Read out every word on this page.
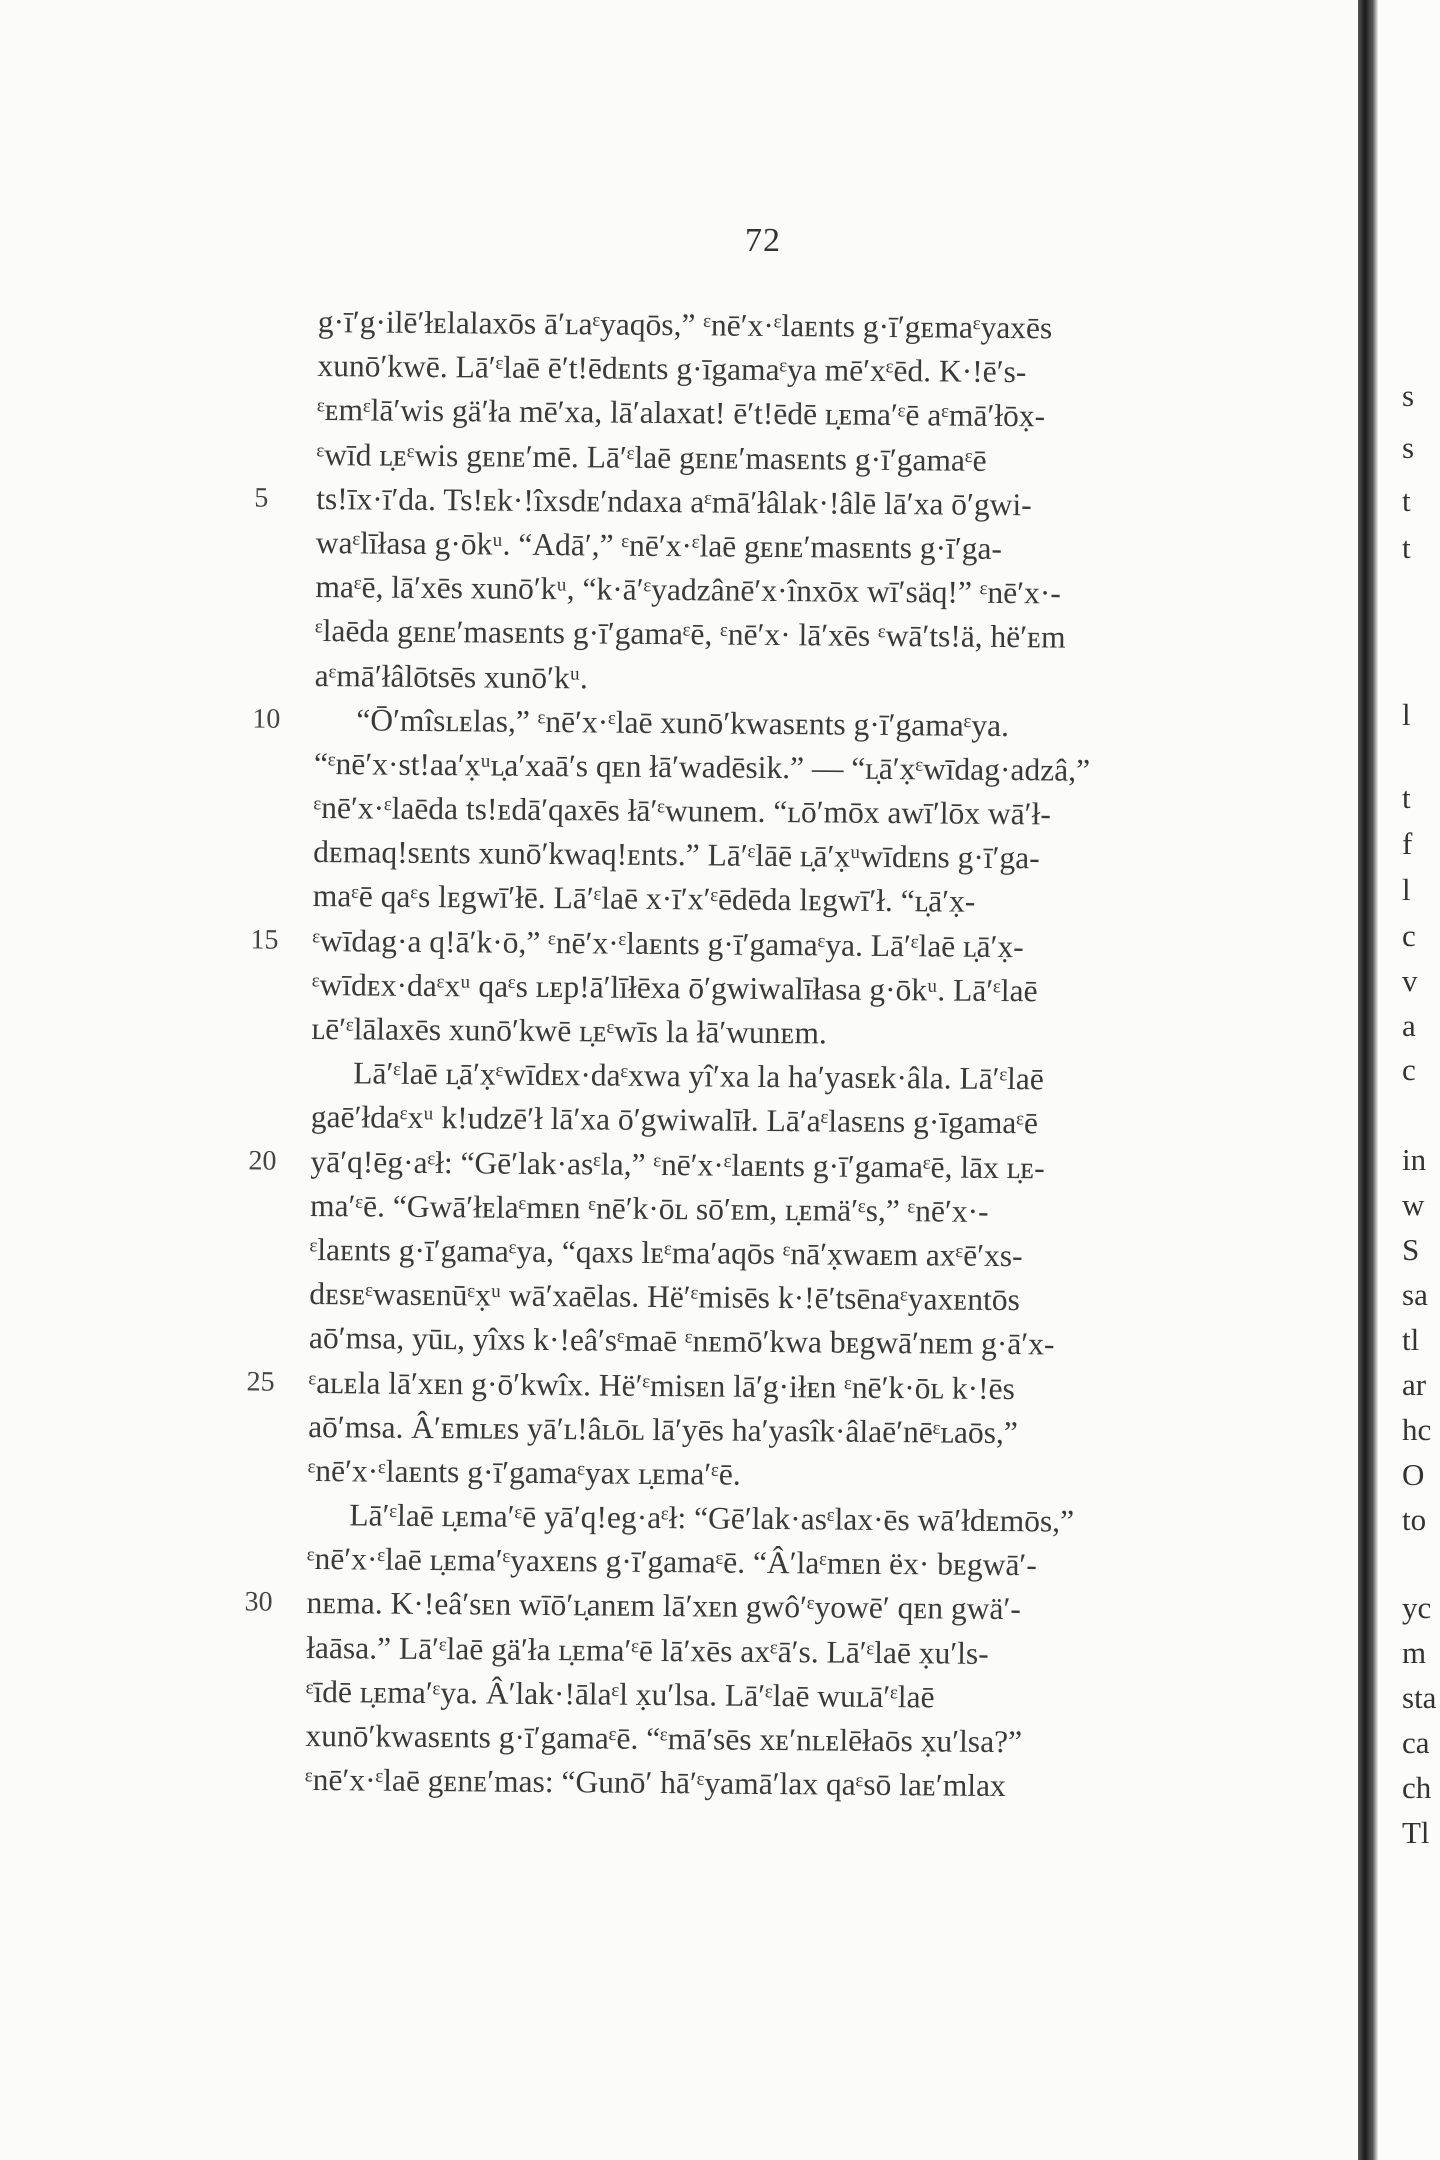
72
g·ī′g·ilē′łᴇlalaxōs ā′ʟaᵋyaqōs,” ᵋnē′x·ᵋlaᴇnts g·ī′gᴇmaᵋyaxēs
xunō′kwē. Lā′ᵋlaē ē′t!ēdᴇnts g·īgamaᵋya mē′xᵋēd. K·!ē′s-
ᵋᴇmᵋlā′wis gä′ła mē′xa, lā′alaxat! ē′t!ēdē ʟ̣ᴇma′ᵋē aᵋmā′łōx̣-
ᵋwīd ʟ̣ᴇᵋwis gᴇnᴇ′mē. Lā′ᵋlaē gᴇnᴇ′masᴇnts g·ī′gamaᵋē
5	ts!īx·ī′da. Ts!ᴇk·!îxsdᴇ′ndaxa aᵋmā′łâlak·!âlē lā′xa ō′gwi-
waᵋlīłasa g·ōkᵘ. “Adā′,” ᵋnē′x·ᵋlaē gᴇnᴇ′masᴇnts g·ī′ga-
maᵋē, lā′xēs xunō′kᵘ, “k·ā′ᵋyadzânē′x·înxōx wī′säq!” ᵋnē′x·-
ᵋlaēda gᴇnᴇ′masᴇnts g·ī′gamaᵋē, ᵋnē′x· lā′xēs ᵋwā′ts!ä, hë′ᴇm
aᵋmā′łâlōtsēs xunō′kᵘ.
10	“Ō′mîsʟᴇlas,” ᵋnē′x·ᵋlaē xunō′kwasᴇnts g·ī′gamaᵋya.
“ᵋnē′x·st!aa′x̣ᵘʟ̣a′xaā′s qᴇn łā′wadēsik.” — “ʟ̣ā′x̣ᵋwīdag·adzâ,”
ᵋnē′x·ᵋlaēda ts!ᴇdā′qaxēs łā′ᵋwunem. “ʟō′mōx awī′lōx wā′ł-
dᴇmaq!sᴇnts xunō′kwaq!ᴇnts.” Lā′ᵋlāē ʟ̣ā′x̣ᵘwīdᴇns g·ī′ga-
maᵋē qaᵋs lᴇgwī′łē. Lā′ᵋlaē x·ī′x′ᵋēdēda lᴇgwī′ł. “ʟ̣ā′x̣-
15	ᵋwīdag·a q!ā′k·ō,” ᵋnē′x·ᵋlaᴇnts g·ī′gamaᵋya. Lā′ᵋlaē ʟ̣ā′x̣-
ᵋwīdᴇx·daᵋxᵘ qaᵋs ʟᴇp!ā′līłēxa ō′gwiwalīłasa g·ōkᵘ. Lā′ᵋlaē
ʟē′ᵋlālaxēs xunō′kwē ʟ̣ᴇᵋwīs la łā′wunᴇm.
Lā′ᵋlaē ʟ̣ā′x̣ᵋwīdᴇx·daᵋxwa yî′xa la ha′yasᴇk·âla. Lā′ᵋlaē
gaē′łdaᵋxᵘ k!udzē′ł lā′xa ō′gwiwalīł. Lā′aᵋlasᴇns g·īgamaᵋē
20	yā′q!ēg·aᵋł: “Gē′lak·asᵋla,” ᵋnē′x·ᵋlaᴇnts g·ī′gamaᵋē, lāx ʟ̣ᴇ-
ma′ᵋē. “Gwā′łᴇlaᵋmᴇn ᵋnē′k·ōʟ sō′ᴇm, ʟ̣ᴇmä′ᵋs,” ᵋnē′x·-
ᵋlaᴇnts g·ī′gamaᵋya, “qaxs lᴇᵋma′aqōs ᵋnā′x̣waᴇm axᵋē′xs-
dᴇsᴇᵋwasᴇnūᵋx̣ᵘ wā′xaēlas. Hë′ᵋmisēs k·!ē′tsēnaᵋyaxᴇntōs
aō′msa, yūʟ, yîxs k·!eâ′sᵋmaē ᵋnᴇmō′kwa bᴇgwā′nᴇm g·ā′x-
25	ᵋaʟᴇla lā′xᴇn g·ō′kwîx. Hë′ᵋmisᴇn lā′g·iłᴇn ᵋnē′k·ōʟ k·!ēs
aō′msa. Â′ᴇmʟᴇs yā′ʟ!âʟōʟ lā′yēs ha′yasîk·âlaē′nēᵋʟaōs,”
ᵋnē′x·ᵋlaᴇnts g·ī′gamaᵋyax ʟ̣ᴇma′ᵋē.
Lā′ᵋlaē ʟ̣ᴇma′ᵋē yā′q!eg·aᵋł: “Gē′lak·asᵋlax·ēs wā′łdᴇmōs,”
ᵋnē′x·ᵋlaē ʟ̣ᴇma′ᵋyaxᴇns g·ī′gamaᵋē. “Â′laᵋmᴇn ëx· bᴇgwā′-
30	nᴇma. K·!eâ′sᴇn wīō′ʟ̣anᴇm lā′xᴇn gwô′ᵋyowē′ qᴇn gwä′-
łaāsa.” Lā′ᵋlaē gä′ła ʟ̣ᴇma′ᵋē lā′xēs axᵋā′s. Lā′ᵋlaē x̣u′ls-
ᵋīdē ʟ̣ᴇma′ᵋya. Â′lak·!ālaᵋl x̣u′lsa. Lā′ᵋlaē wuʟā′ᵋlaē
xunō′kwasᴇnts g·ī′gamaᵋē. “ᵋmā′sēs xᴇ′nʟᴇlēłaōs x̣u′lsa?”
ᵋnē′x·ᵋlaē gᴇnᴇ′mas: “Gunō′ hā′ᵋyamā′lax qaᵋsō laᴇ′mlax
s
s
t
t
l
t
f
l
c
v
a
c
in
w
S
sa
tl
ar
hc
O
to
yc
m
sta
ca
ch
Tl
